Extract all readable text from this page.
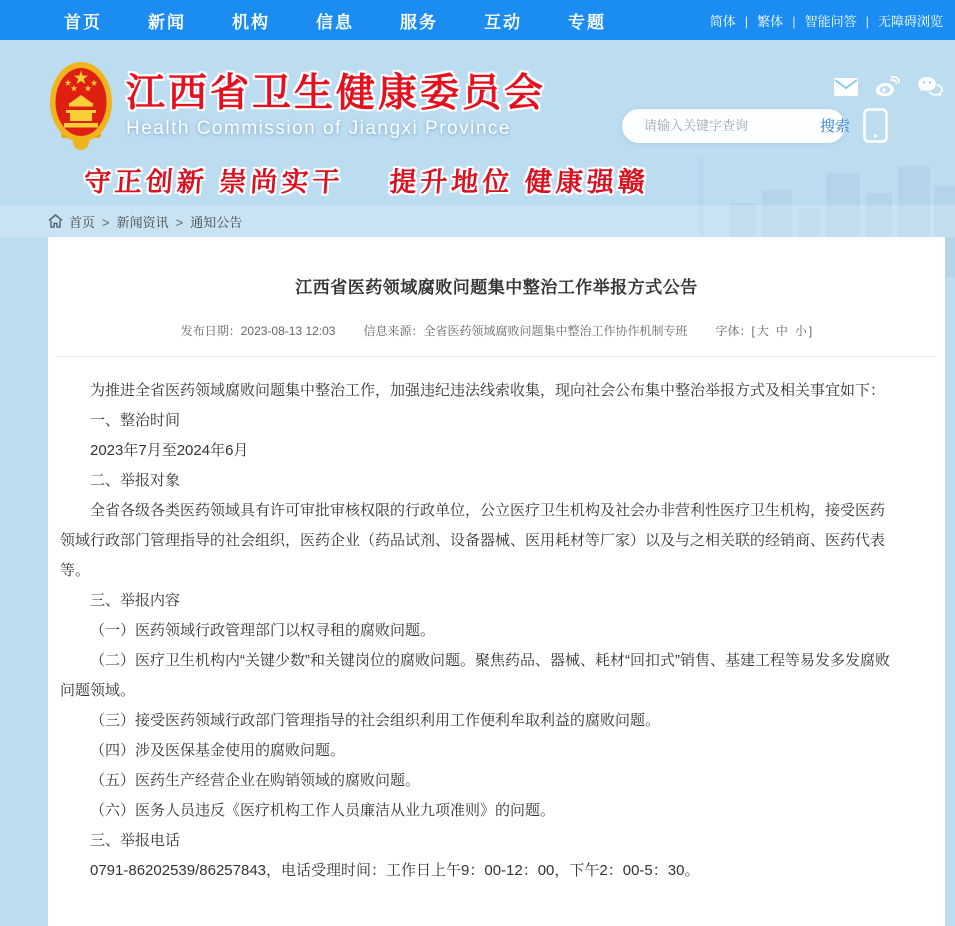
首页	新闻	机构	信息	服务	互动	专题	简体 |	繁体 |	智能问答 |	无障碍浏览
江西省卫生健康委员会
Health Commission of Jiangxi Province
守正创新 崇尚实干 提升地位 健康强赣
请输入关键字查询
搜索
首页 >	新闻资讯 >	通知公告
江西省医药领域腐败问题集中整治工作举报方式公告
发布日期： 2023-08-13 12:03 信息来源： 全省医药领域腐败问题集中整治工作协作机制专班 字体： [ 大 中 小 ]

为推进全省医药领域腐败问题集中整治工作，加强违纪违法线索收集，现向社会公布集中整治举报方式及相关事宜如下：

一、整治时间

2023年7月至2024年6月

二、举报对象

全省各级各类医药领域具有许可审批审核权限的行政单位，公立医疗卫生机构及社会办非营利性医疗卫生机构，接受医药领域行政部门管理指导的社会组织，医药企业（药品试剂、设备器械、医用耗材等厂家）以及与之相关联的经销商、医药代表等。

三、举报内容

（一）医药领域行政管理部门以权寻租的腐败问题。

（二）医疗卫生机构内“关键少数”和关键岗位的腐败问题。聚焦药品、器械、耗材“回扣式”销售、基建工程等易发多发腐败问题领域。

（三）接受医药领域行政部门管理指导的社会组织利用工作便利牟取利益的腐败问题。

（四）涉及医保基金使用的腐败问题。

（五）医药生产经营企业在购销领域的腐败问题。

（六）医务人员违反《医疗机构工作人员廉洁从业九项准则》的问题。

三、举报电话

0791-86202539/86257843，电话受理时间：工作日上午9：00-12：00，下午2：00-5：30。
